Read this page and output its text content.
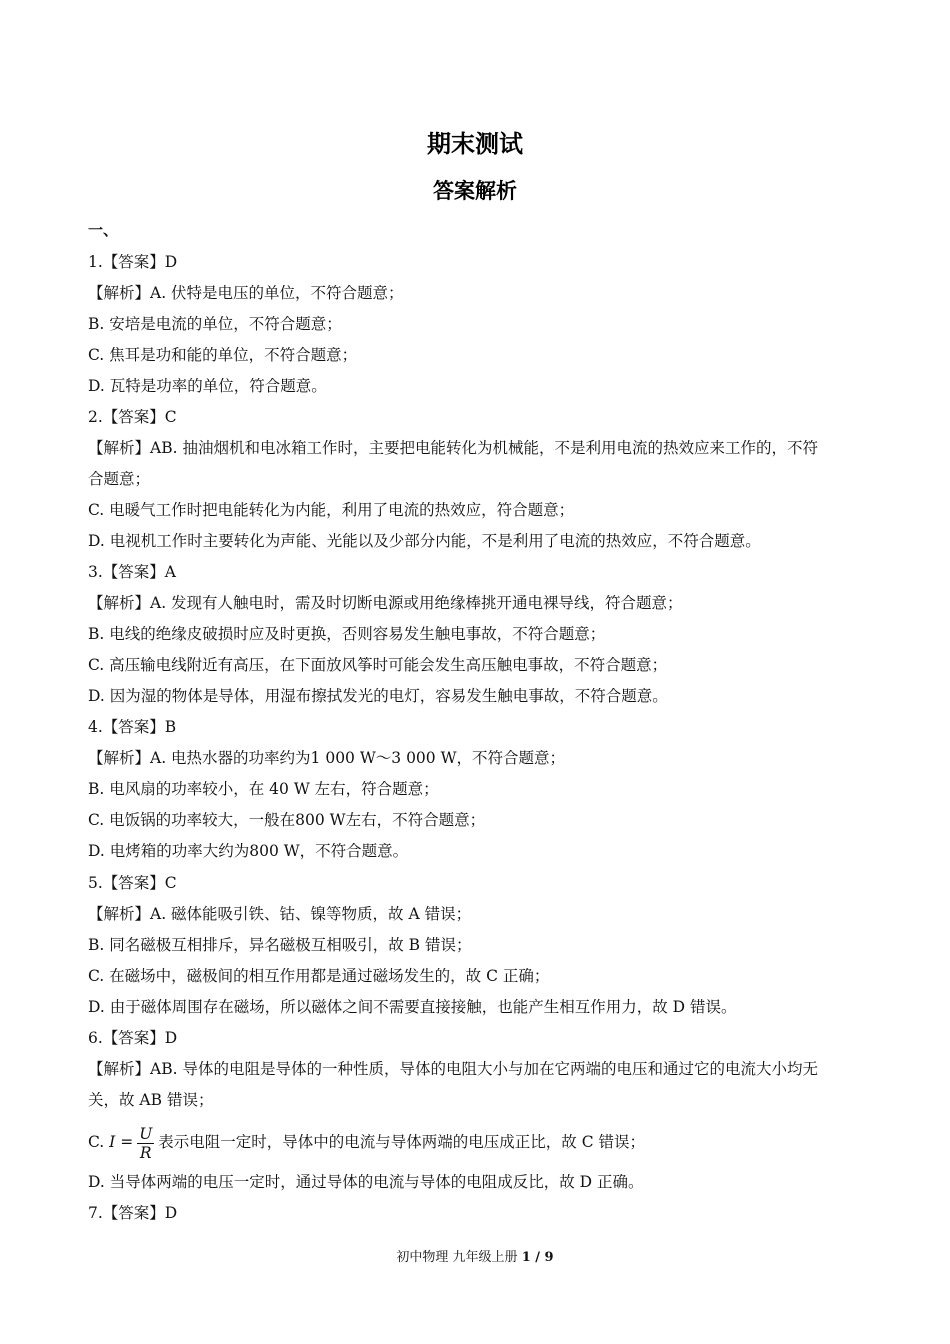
期末测试
答案解析
一、
1.【答案】D
【解析】A. 伏特是电压的单位，不符合题意；
B. 安培是电流的单位，不符合题意；
C. 焦耳是功和能的单位，不符合题意；
D. 瓦特是功率的单位，符合题意。
2.【答案】C
【解析】AB. 抽油烟机和电冰箱工作时，主要把电能转化为机械能，不是利用电流的热效应来工作的，不符
合题意；
C. 电暖气工作时把电能转化为内能，利用了电流的热效应，符合题意；
D. 电视机工作时主要转化为声能、光能以及少部分内能，不是利用了电流的热效应，不符合题意。
3.【答案】A
【解析】A. 发现有人触电时，需及时切断电源或用绝缘棒挑开通电裸导线，符合题意；
B. 电线的绝缘皮破损时应及时更换，否则容易发生触电事故，不符合题意；
C. 高压输电线附近有高压，在下面放风筝时可能会发生高压触电事故，不符合题意；
D. 因为湿的物体是导体，用湿布擦拭发光的电灯，容易发生触电事故，不符合题意。
4.【答案】B
【解析】A. 电热水器的功率约为1 000 W～3 000 W，不符合题意；
B. 电风扇的功率较小，在 40 W 左右，符合题意；
C. 电饭锅的功率较大，一般在800 W左右，不符合题意；
D. 电烤箱的功率大约为800 W，不符合题意。
5.【答案】C
【解析】A. 磁体能吸引铁、钴、镍等物质，故 A 错误；
B. 同名磁极互相排斥，异名磁极互相吸引，故 B 错误；
C. 在磁场中，磁极间的相互作用都是通过磁场发生的，故 C 正确；
D. 由于磁体周围存在磁场，所以磁体之间不需要直接接触，也能产生相互作用力，故 D 错误。
6.【答案】D
【解析】AB. 导体的电阻是导体的一种性质，导体的电阻大小与加在它两端的电压和通过它的电流大小均无
关，故 AB 错误；
C. $I = \frac{U}{R}$ 表示电阻一定时，导体中的电流与导体两端的电压成正比，故 C 错误；
D. 当导体两端的电压一定时，通过导体的电流与导体的电阻成反比，故 D 正确。
7.【答案】D
初中物理 九年级上册 1 / 9
